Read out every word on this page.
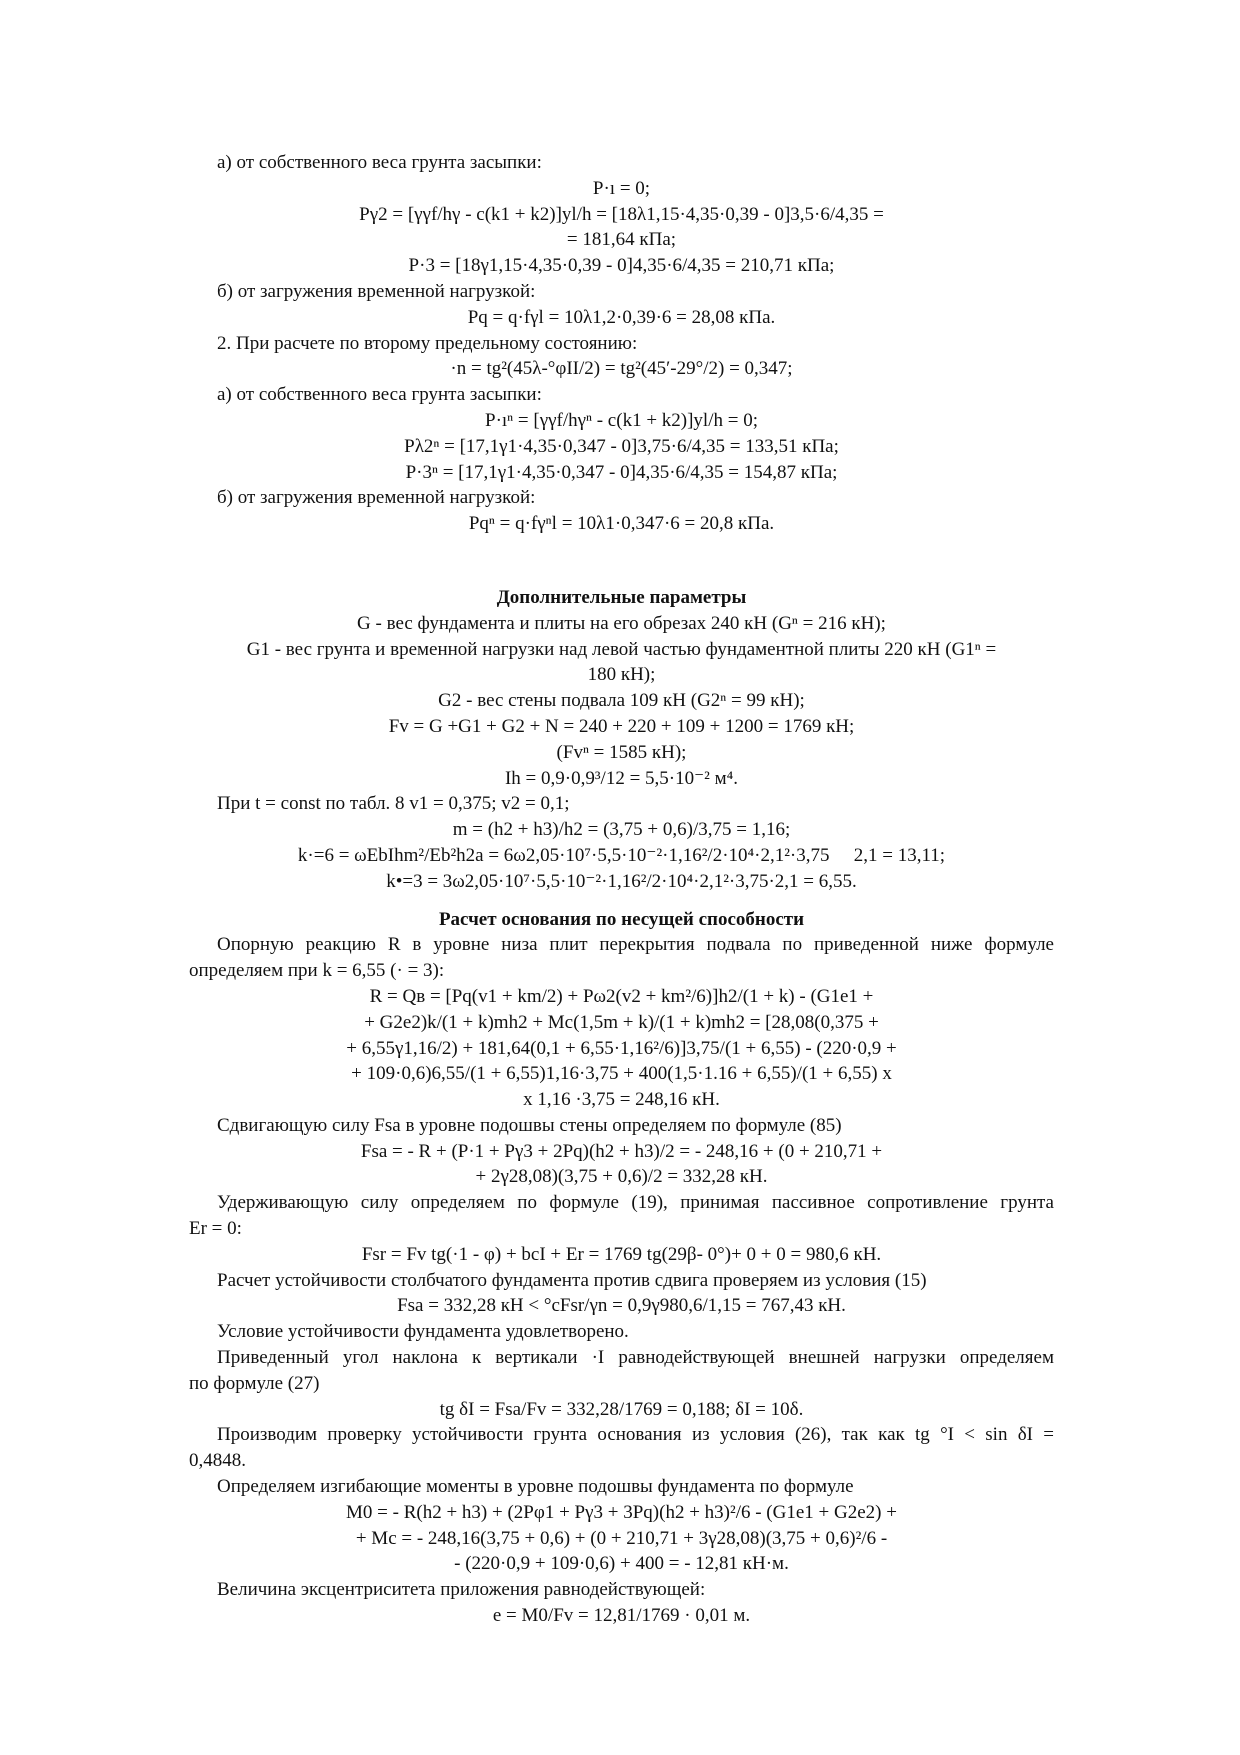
а) от собственного веса грунта засыпки:
P·ı = 0;
Pγ2 = [γγf/hγ - c(k1 + k2)]yl/h = [18λ1,15·4,35·0,39 - 0]3,5·6/4,35 =
= 181,64 кПа;
P·3 = [18γ1,15·4,35·0,39 - 0]4,35·6/4,35 = 210,71 кПа;
б) от загружения временной нагрузкой:
Pq = q·fγl = 10λ1,2·0,39·6 = 28,08 кПа.
2. При расчете по второму предельному состоянию:
·n = tg²(45λ-°φII/2) = tg²(45′-29°/2) = 0,347;
а) от собственного веса грунта засыпки:
P·ıⁿ = [γγf/hγⁿ - c(k1 + k2)]yl/h = 0;
Pλ2ⁿ = [17,1γ1·4,35·0,347 - 0]3,75·6/4,35 = 133,51 кПа;
P·3ⁿ = [17,1γ1·4,35·0,347 - 0]4,35·6/4,35 = 154,87 кПа;
б) от загружения временной нагрузкой:
Pqⁿ = q·fγⁿl = 10λ1·0,347·6 = 20,8 кПа.
Дополнительные параметры
G - вес фундамента и плиты на его обрезах 240 кН (Gⁿ = 216 кН);
G1 - вес грунта и временной нагрузки над левой частью фундаментной плиты 220 кН (G1ⁿ =
180 кН);
G2 - вес стены подвала 109 кН (G2ⁿ = 99 кН);
Fv = G +G1 + G2 + N = 240 + 220 + 109 + 1200 = 1769 кН;
(Fvⁿ = 1585 кН);
Ih = 0,9·0,9³/12 = 5,5·10⁻² м⁴.
При t = const по табл. 8 v1 = 0,375; v2 = 0,1;
m = (h2 + h3)/h2 = (3,75 + 0,6)/3,75 = 1,16;
k·=6 = ωEbIhm²/Eb²h2a = 6ω2,05·10⁷·5,5·10⁻²·1,16²/2·10⁴·2,1²·3,75 ⃞ 2,1 = 13,11;
k•=3 = 3ω2,05·10⁷·5,5·10⁻²·1,16²/2·10⁴·2,1²·3,75·2,1 = 6,55.
Расчет основания по несущей способности
Опорную реакцию R в уровне низа плит перекрытия подвала по приведенной ниже формуле
определяем при k = 6,55 (· = 3):
R = Qв = [Pq(v1 + km/2) + Pω2(v2 + km²/6)]h2/(1 + k) - (G1e1 +
+ G2e2)k/(1 + k)mh2 + Mc(1,5m + k)/(1 + k)mh2 = [28,08(0,375 +
+ 6,55γ1,16/2) + 181,64(0,1 + 6,55·1,16²/6)]3,75/(1 + 6,55) - (220·0,9 +
+ 109·0,6)6,55/(1 + 6,55)1,16·3,75 + 400(1,5·1.16 + 6,55)/(1 + 6,55) x
x 1,16 ·3,75 = 248,16 кН.
Сдвигающую силу Fsa в уровне подошвы стены определяем по формуле (85)
Fsa = - R + (P·1 + Pγ3 + 2Pq)(h2 + h3)/2 = - 248,16 + (0 + 210,71 +
+ 2γ28,08)(3,75 + 0,6)/2 = 332,28 кН.
Удерживающую силу определяем по формуле (19), принимая пассивное сопротивление грунта
Er = 0:
Fsr = Fv tg(·1 - φ) + bcI + Er = 1769 tg(29β- 0°)+ 0 + 0 = 980,6 кН.
Расчет устойчивости столбчатого фундамента против сдвига проверяем из условия (15)
Fsa = 332,28 кН < °cFsr/γn = 0,9γ980,6/1,15 = 767,43 кН.
Условие устойчивости фундамента удовлетворено.
Приведенный угол наклона к вертикали ·I равнодействующей внешней нагрузки определяем
по формуле (27)
tg δI = Fsa/Fv = 332,28/1769 = 0,188; δI = 10δ.
Производим проверку устойчивости грунта основания из условия (26), так как tg °I < sin δI =
0,4848.
Определяем изгибающие моменты в уровне подошвы фундамента по формуле
M0 = - R(h2 + h3) + (2Pφ1 + Pγ3 + 3Pq)(h2 + h3)²/6 - (G1e1 + G2e2) +
+ Mc = - 248,16(3,75 + 0,6) + (0 + 210,71 + 3γ28,08)(3,75 + 0,6)²/6 -
- (220·0,9 + 109·0,6) + 400 = - 12,81 кН·м.
Величина эксцентриситета приложения равнодействующей:
e = M0/Fv = 12,81/1769 · 0,01 м.
